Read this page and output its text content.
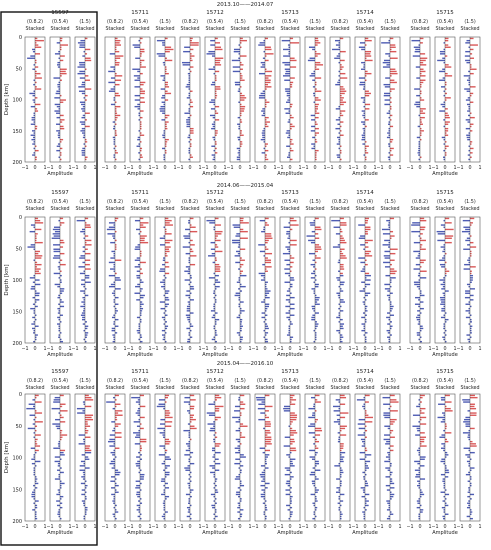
2013.10——2014.07
Depth [km]
0
50
100
150
200
15597
(0.8.2)
Stacked
−1 0 1
(0.5.4)
Stacked
−1 0 1
(1.5)
Stacked
−1 0 1
Amplitude
15711
(0.8.2)
Stacked
−1 0 1
(0.5.4)
Stacked
−1 0 1
(1.5)
Stacked
−1 0 1
Amplitude
15712
(0.8.2)
Stacked
−1 0 1
(0.5.4)
Stacked
−1 0 1
(1.5)
Stacked
−1 0 1
Amplitude
15713
(0.8.2)
Stacked
−1 0 1
(0.5.4)
Stacked
−1 0 1
(1.5)
Stacked
−1 0 1
Amplitude
15714
(0.8.2)
Stacked
−1 0 1
(0.5.4)
Stacked
−1 0 1
(1.5)
Stacked
−1 0 1
Amplitude
15715
(0.8.2)
Stacked
−1 0 1
(0.5.4)
Stacked
−1 0 1
(1.5)
Stacked
−1 0 1
Amplitude
2014.06——2015.04
Depth [km]
0
50
100
150
200
15597
(0.8.2)
Stacked
−1 0 1
(0.5.4)
Stacked
−1 0 1
(1.5)
Stacked
−1 0 1
Amplitude
15711
(0.8.2)
Stacked
−1 0 1
(0.5.4)
Stacked
−1 0 1
(1.5)
Stacked
−1 0 1
Amplitude
15712
(0.8.2)
Stacked
−1 0 1
(0.5.4)
Stacked
−1 0 1
(1.5)
Stacked
−1 0 1
Amplitude
15713
(0.8.2)
Stacked
−1 0 1
(0.5.4)
Stacked
−1 0 1
(1.5)
Stacked
−1 0 1
Amplitude
15714
(0.8.2)
Stacked
−1 0 1
(0.5.4)
Stacked
−1 0 1
(1.5)
Stacked
−1 0 1
Amplitude
15715
(0.8.2)
Stacked
−1 0 1
(0.5.4)
Stacked
−1 0 1
(1.5)
Stacked
−1 0 1
Amplitude
2015.04——2016.10
Depth [km]
0
50
100
150
200
15597
(0.8.2)
Stacked
−1 0 1
(0.5.4)
Stacked
−1 0 1
(1.5)
Stacked
−1 0 1
Amplitude
15711
(0.8.2)
Stacked
−1 0 1
(0.5.4)
Stacked
−1 0 1
(1.5)
Stacked
−1 0 1
Amplitude
15712
(0.8.2)
Stacked
−1 0 1
(0.5.4)
Stacked
−1 0 1
(1.5)
Stacked
−1 0 1
Amplitude
15713
(0.8.2)
Stacked
−1 0 1
(0.5.4)
Stacked
−1 0 1
(1.5)
Stacked
−1 0 1
Amplitude
15714
(0.8.2)
Stacked
−1 0 1
(0.5.4)
Stacked
−1 0 1
(1.5)
Stacked
−1 0 1
Amplitude
15715
(0.8.2)
Stacked
−1 0 1
(0.5.4)
Stacked
−1 0 1
(1.5)
Stacked
−1 0 1
Amplitude
